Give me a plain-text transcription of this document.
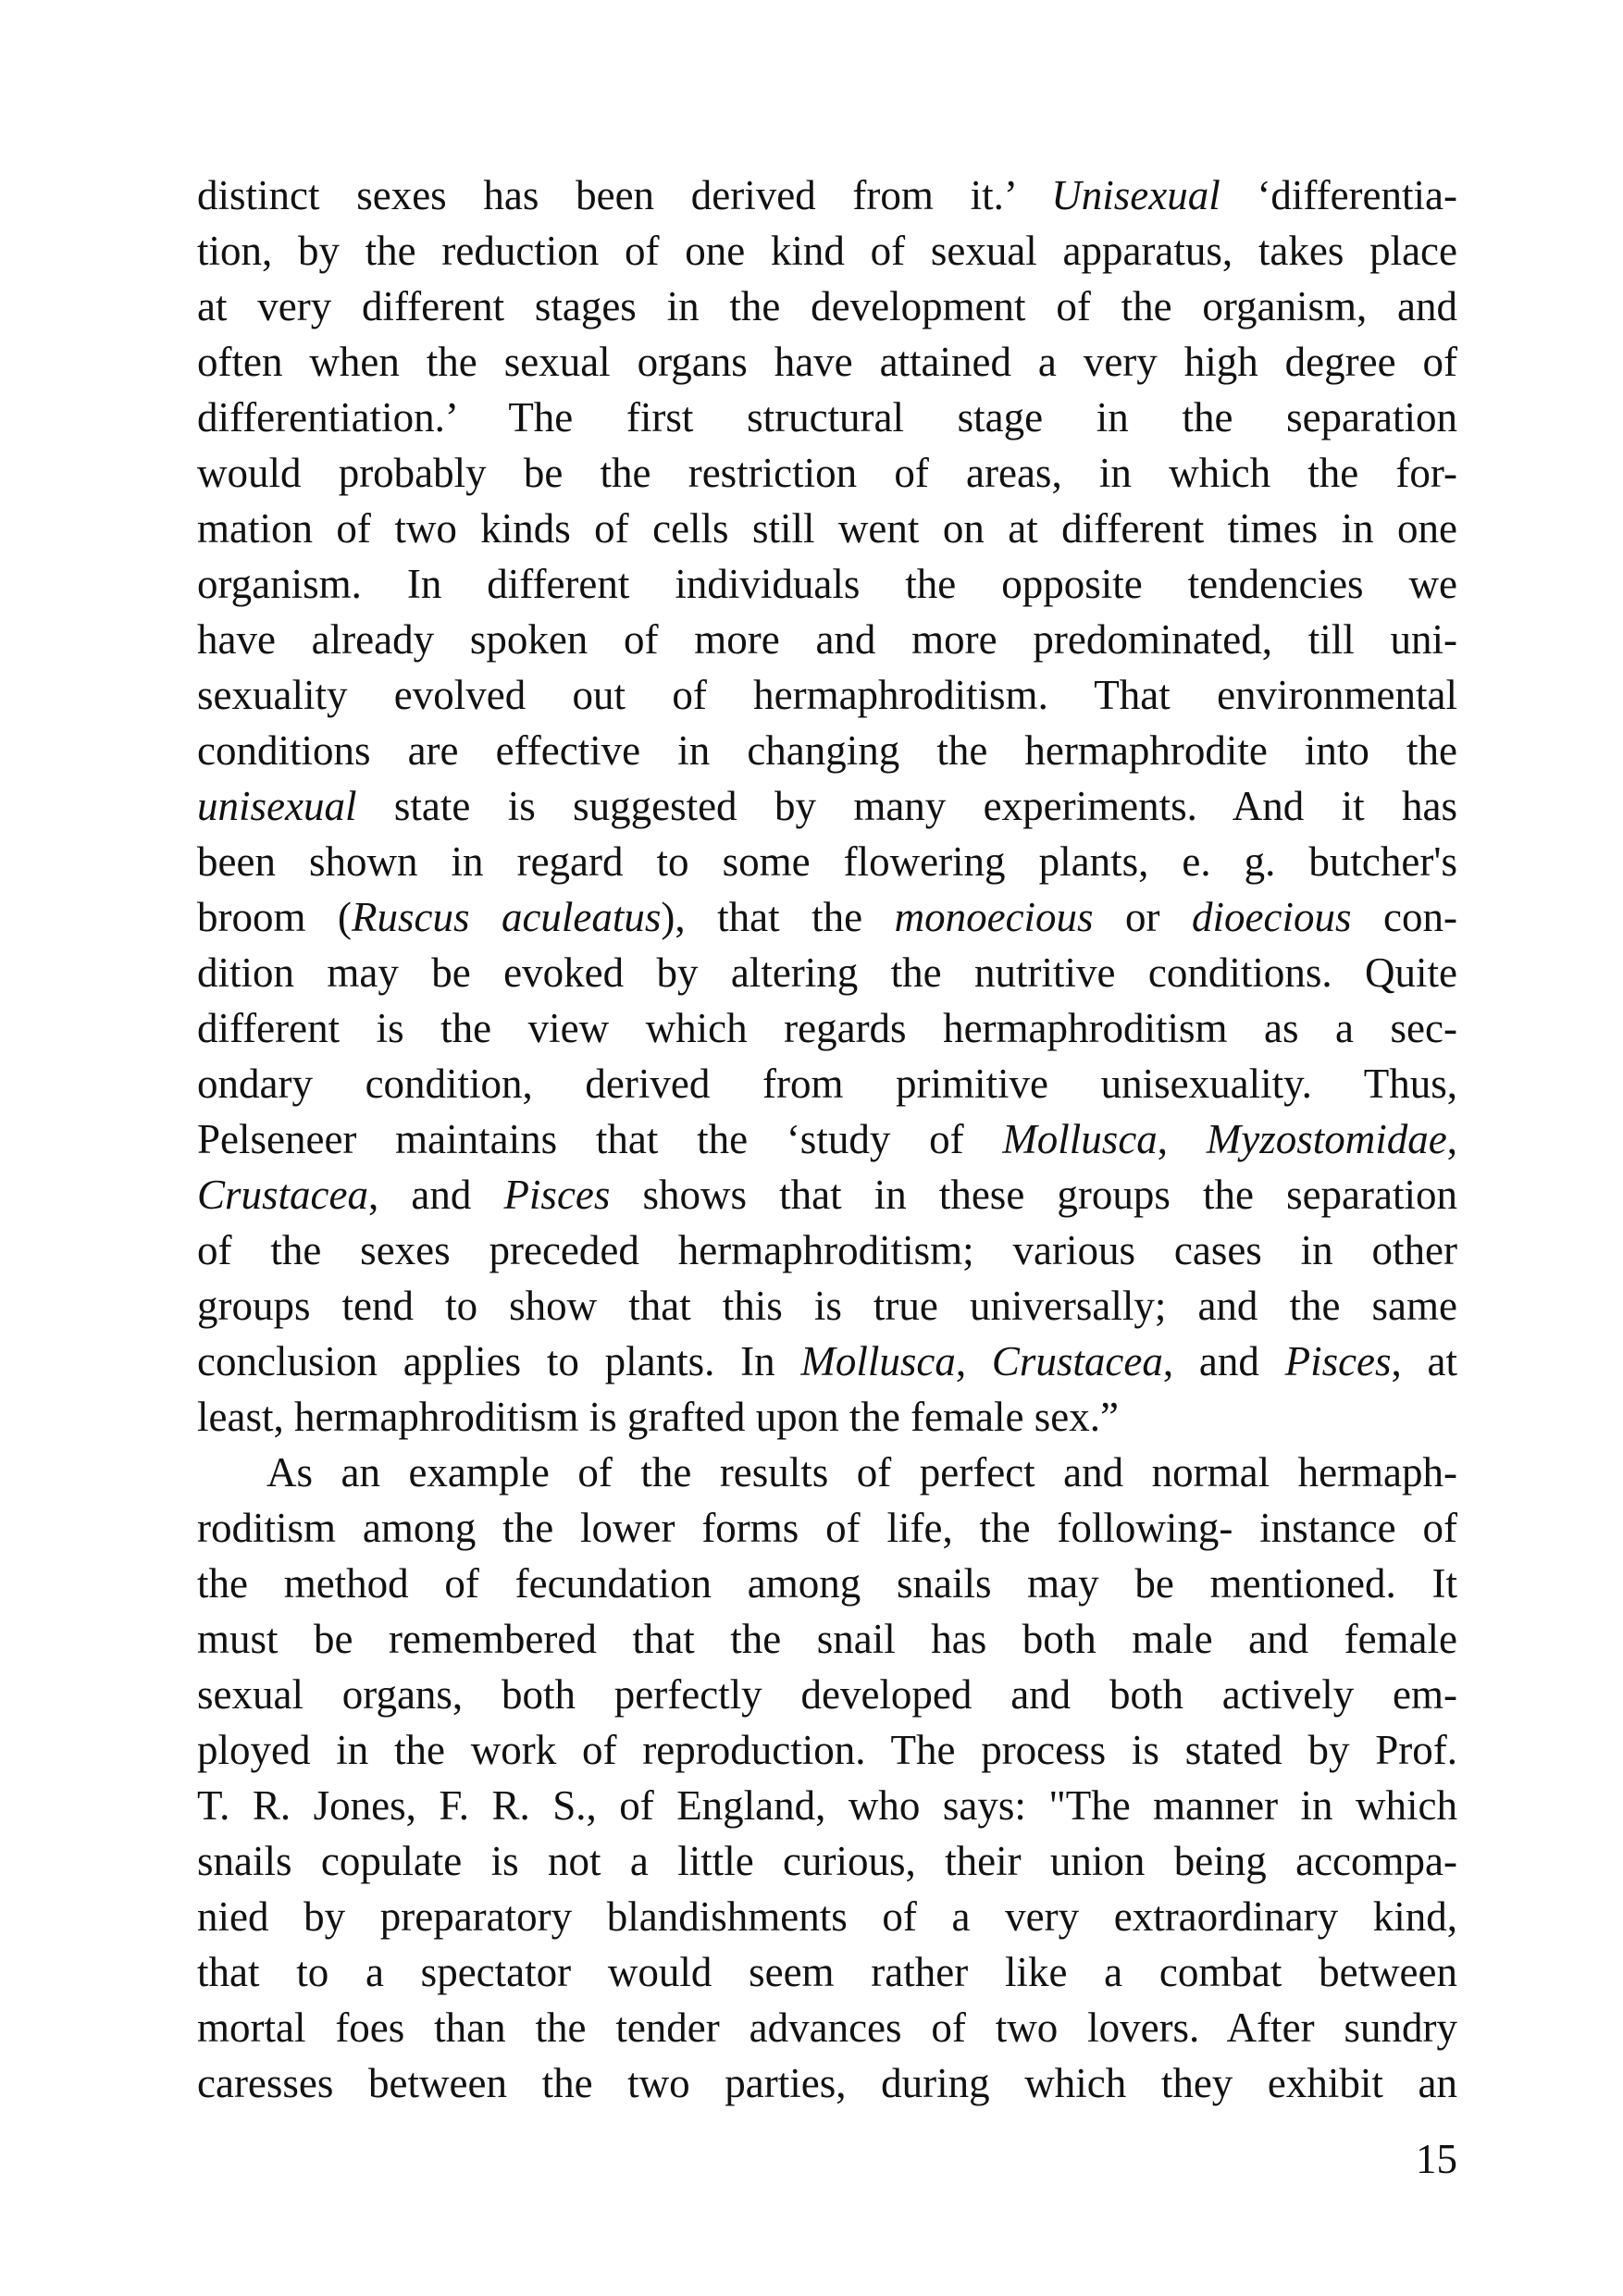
distinct sexes has been derived from it.’ Unisexual ‘differentia-
tion, by the reduction of one kind of sexual apparatus, takes place
at very different stages in the development of the organism, and
often when the sexual organs have attained a very high degree of
differentiation.’ The first structural stage in the separation
would probably be the restriction of areas, in which the for-
mation of two kinds of cells still went on at different times in one
organism. In different individuals the opposite tendencies we
have already spoken of more and more predominated, till uni-
sexuality evolved out of hermaphroditism. That environmental
conditions are effective in changing the hermaphrodite into the
unisexual state is suggested by many experiments. And it has
been shown in regard to some flowering plants, e. g. butcher's
broom (Ruscus aculeatus), that the monoecious or dioecious con-
dition may be evoked by altering the nutritive conditions. Quite
different is the view which regards hermaphroditism as a sec-
ondary condition, derived from primitive unisexuality. Thus,
Pelseneer maintains that the ‘study of Mollusca, Myzostomidae,
Crustacea, and Pisces shows that in these groups the separation
of the sexes preceded hermaphroditism; various cases in other
groups tend to show that this is true universally; and the same
conclusion applies to plants. In Mollusca, Crustacea, and Pisces, at
least, hermaphroditism is grafted upon the female sex.”
As an example of the results of perfect and normal hermaph-
roditism among the lower forms of life, the following- instance of
the method of fecundation among snails may be mentioned. It
must be remembered that the snail has both male and female
sexual organs, both perfectly developed and both actively em-
ployed in the work of reproduction. The process is stated by Prof.
T. R. Jones, F. R. S., of England, who says: "The manner in which
snails copulate is not a little curious, their union being accompa-
nied by preparatory blandishments of a very extraordinary kind,
that to a spectator would seem rather like a combat between
mortal foes than the tender advances of two lovers. After sundry
caresses between the two parties, during which they exhibit an
15
